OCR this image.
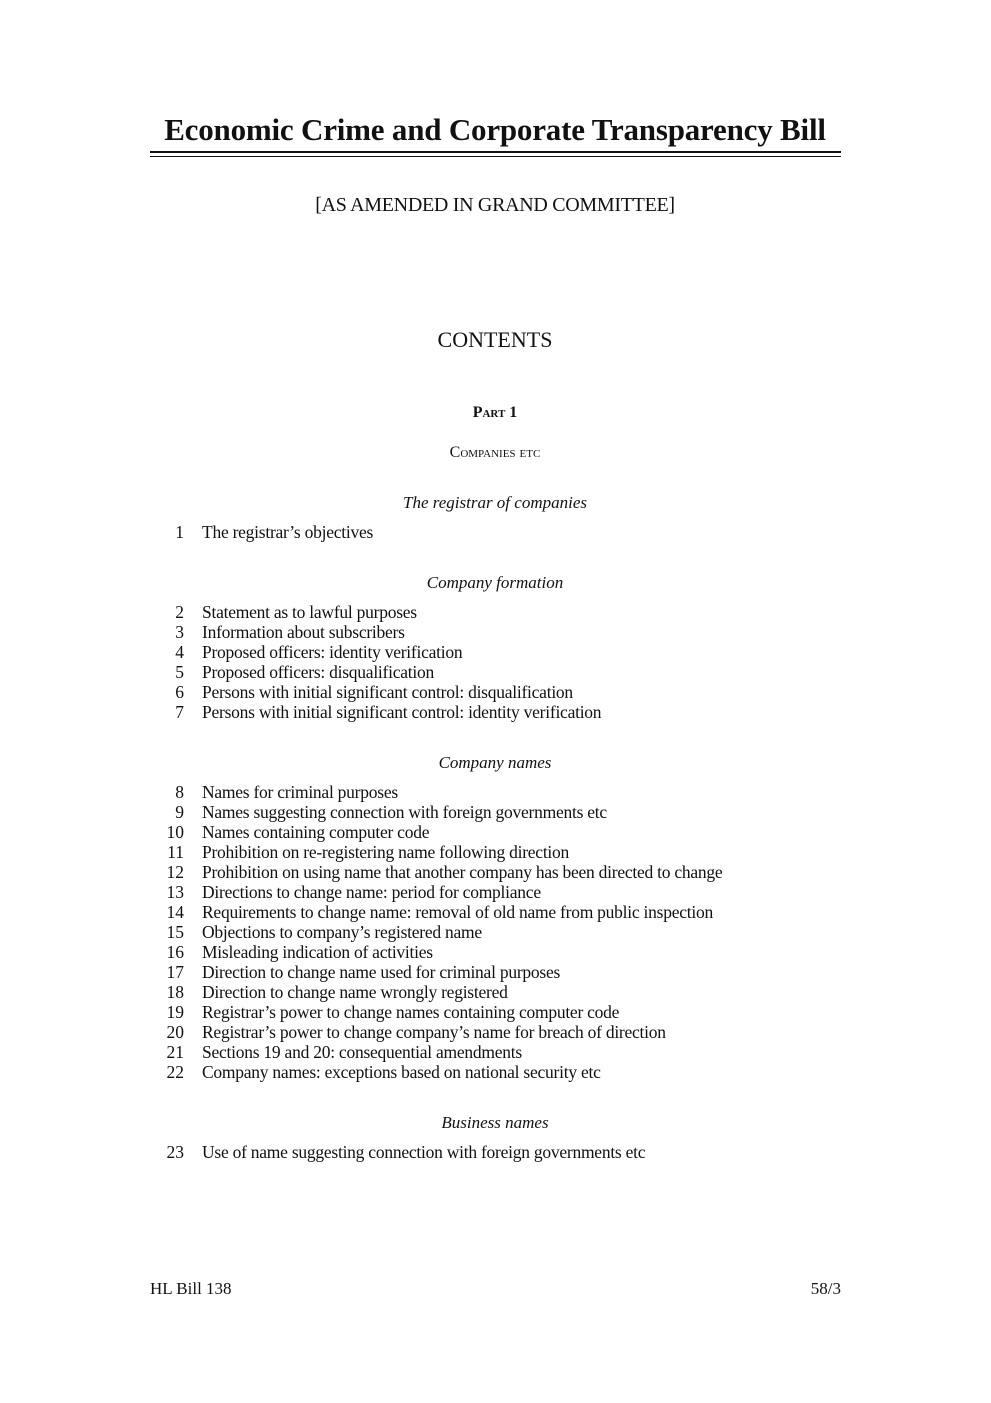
Economic Crime and Corporate Transparency Bill
[AS AMENDED IN GRAND COMMITTEE]
CONTENTS
Part 1
Companies etc
The registrar of companies
1	The registrar’s objectives
Company formation
2	Statement as to lawful purposes
3	Information about subscribers
4	Proposed officers: identity verification
5	Proposed officers: disqualification
6	Persons with initial significant control: disqualification
7	Persons with initial significant control: identity verification
Company names
8	Names for criminal purposes
9	Names suggesting connection with foreign governments etc
10	Names containing computer code
11	Prohibition on re-registering name following direction
12	Prohibition on using name that another company has been directed to change
13	Directions to change name: period for compliance
14	Requirements to change name: removal of old name from public inspection
15	Objections to company’s registered name
16	Misleading indication of activities
17	Direction to change name used for criminal purposes
18	Direction to change name wrongly registered
19	Registrar’s power to change names containing computer code
20	Registrar’s power to change company’s name for breach of direction
21	Sections 19 and 20: consequential amendments
22	Company names: exceptions based on national security etc
Business names
23	Use of name suggesting connection with foreign governments etc
HL Bill 138	58/3
